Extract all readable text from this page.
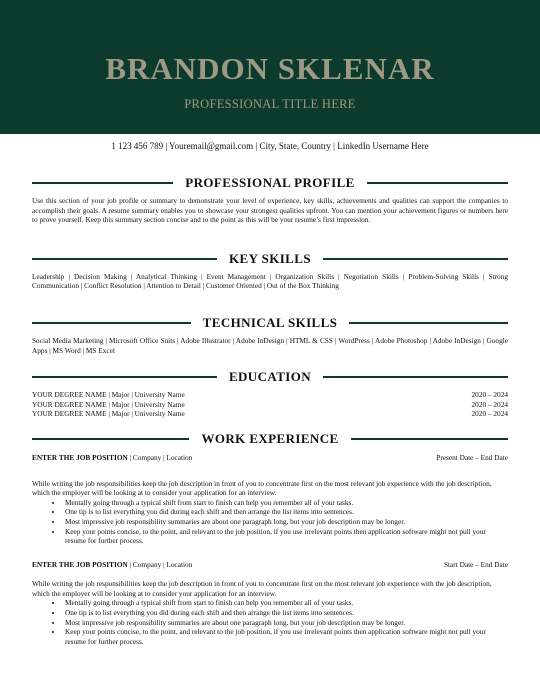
BRANDON SKLENAR
PROFESSIONAL TITLE HERE
1 123 456 789 | Youremail@gmail.com | City, State, Country | LinkedIn Username Here
PROFESSIONAL PROFILE
Use this section of your job profile or summary to demonstrate your level of experience, key skills, achievements and qualities can support the companies to accomplish their goals. A resume summary enables you to showcase your strongest qualities upfront. You can mention your achievement figures or numbers here to prove yourself. Keep this summary section concise and to the point as this will be your resume’s first impression.
KEY SKILLS
Leadership | Decision Making | Analytical Thinking | Event Management | Organization Skills | Negotiation Skills | Problem-Solving Skills | Strong Communication | Conflict Resolution | Attention to Detail | Customer Oriented | Out of the Box Thinking
TECHNICAL SKILLS
Social Media Marketing | Microsoft Office Suits | Adobe Illustrator | Adobe InDesign | HTML & CSS | WordPress | Adobe Photoshop | Adobe InDesign | Google Apps | MS Word | MS Excel
EDUCATION
YOUR DEGREE NAME | Major | University Name	2020 – 2024
YOUR DEGREE NAME | Major | University Name	2020 – 2024
YOUR DEGREE NAME | Major | University Name	2020 – 2024
WORK EXPERIENCE
ENTER THE JOB POSITION | Company | Location	Present Date – End Date
While writing the job responsibilities keep the job description in front of you to concentrate first on the most relevant job experience with the job description, which the employer will be looking at to consider your application for an interview.
• Mentally going through a typical shift from start to finish can help you remember all of your tasks.
• One tip is to list everything you did during each shift and then arrange the list items into sentences.
• Most impressive job responsibility summaries are about one paragraph long, but your job description may be longer.
• Keep your points concise, to the point, and relevant to the job position, if you use irrelevant points then application software might not pull your resume for further process.
ENTER THE JOB POSITION | Company | Location	Start Date – End Date
While writing the job responsibilities keep the job description in front of you to concentrate first on the most relevant job experience with the job description, which the employer will be looking at to consider your application for an interview.
• Mentally going through a typical shift from start to finish can help you remember all of your tasks.
• One tip is to list everything you did during each shift and then arrange the list items into sentences.
• Most impressive job responsibility summaries are about one paragraph long, but your job description may be longer.
• Keep your points concise, to the point, and relevant to the job position, if you use irrelevant points then application software might not pull your resume for further process.
